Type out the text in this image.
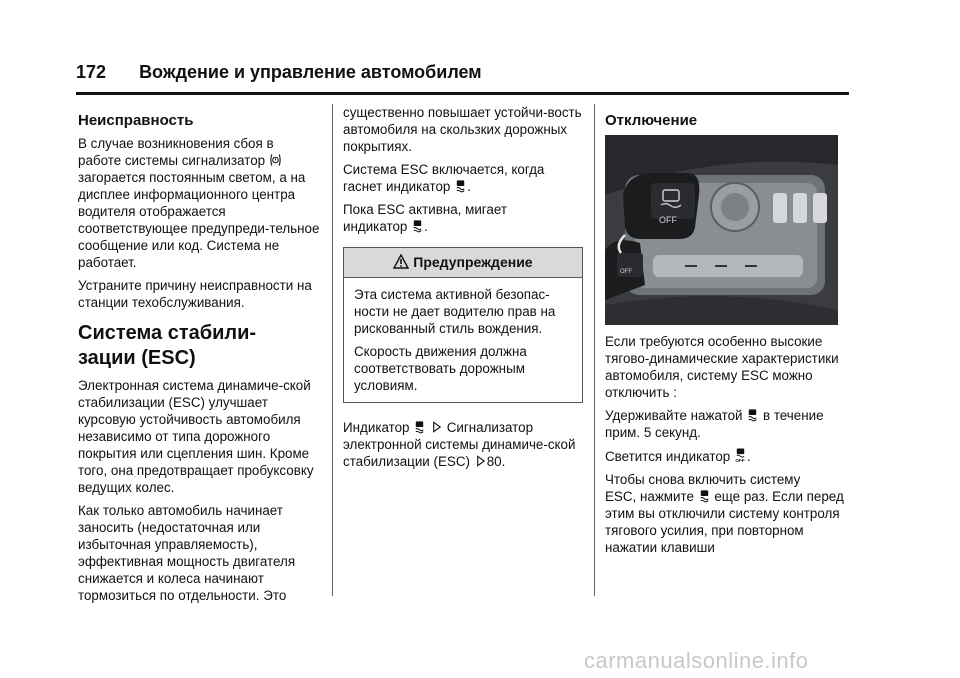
172 Вождение и управление автомобилем
Неисправность

В случае возникновения сбоя в
работе системы сигнализатор
загорается постоянным светом, а на дисплее информационного центра водителя отображается соответствующее предупреди-тельное сообщение или код. Система не работает.

Устраните причину неисправности на станции техобслуживания.

Система стабили-
зации (ESC)

Электронная система динамиче-ской стабилизации (ESC) улучшает курсовую устойчивость автомобиля независимо от типа дорожного покрытия или сцепления шин. Кроме того, она предотвращает пробуксовку ведущих колес.

Как только автомобиль начинает заносить (недостаточная или избыточная управляемость), эффективная мощность двигателя снижается и колеса начинают тормозиться по отдельности. Это

существенно повышает устойчи-вость автомобиля на скользких дорожных покрытиях.

Система ESC включается, когда
гаснет индикатор .

Пока ESC активна, мигает
индикатор .

Предупреждение

Эта система активной безопас-ности не дает водителю прав на рискованный стиль вождения.

Скорость движения должна соответствовать дорожным условиям.

Индикатор	Сигнализатор
электронной системы динамиче-ской стабилизации (ESC) 80.

Отключение
OFF
OFF

Если требуются особенно высокие тягово-динамические характеристики автомобиля, систему ESC можно отключить :

Удерживайте нажатой в течение прим. 5 секунд.

Светится индикатор OFF .

Чтобы снова включить систему
ESC, нажмите еще раз. Если перед этим вы отключили систему контроля тягового усилия, при повторном нажатии клавиши

carmanualsonline.info
